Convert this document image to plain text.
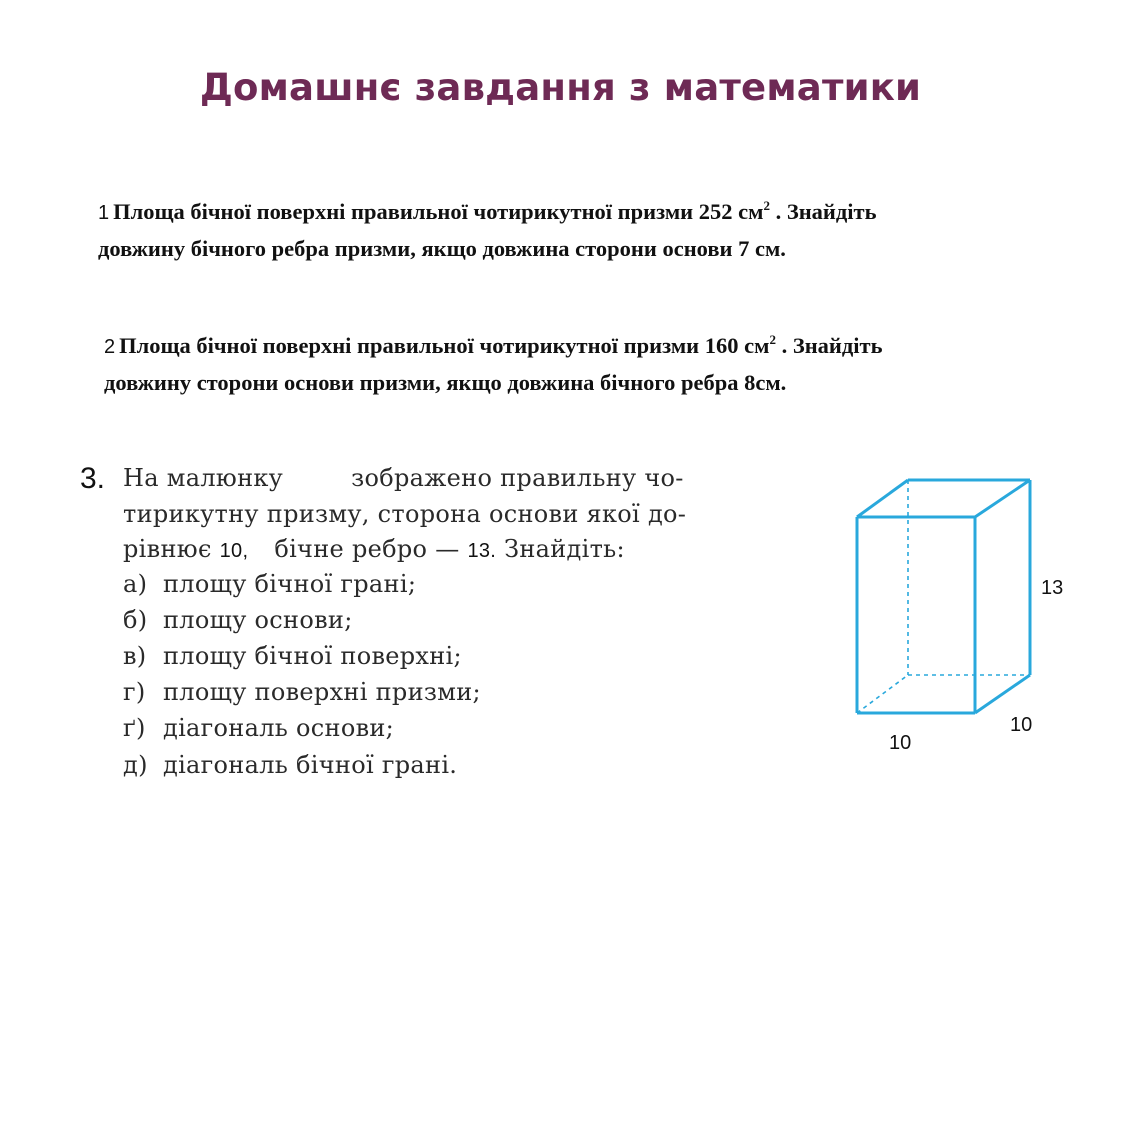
Домашнє завдання з математики
1 Площа бічної поверхні правильної чотирикутної призми 252 $см^2$ . Знайдіть
довжину бічного ребра призми, якщо довжина сторони основи 7 см.
2 Площа бічної поверхні правильної чотирикутної призми 160 $см^2$ . Знайдіть
довжину сторони основи призми, якщо довжина бічного ребра 8см.
3. На малюнку	зображено правильну чо-
тирикутну призму, сторона основи якої до-
рівнює 10, бічне ребро — 13. Знайдіть:
а) площу бічної грані;
б) площу основи;
в) площу бічної поверхні;
г) площу поверхні призми;
ґ) діагональ основи;
д) діагональ бічної грані.
13
10
10
